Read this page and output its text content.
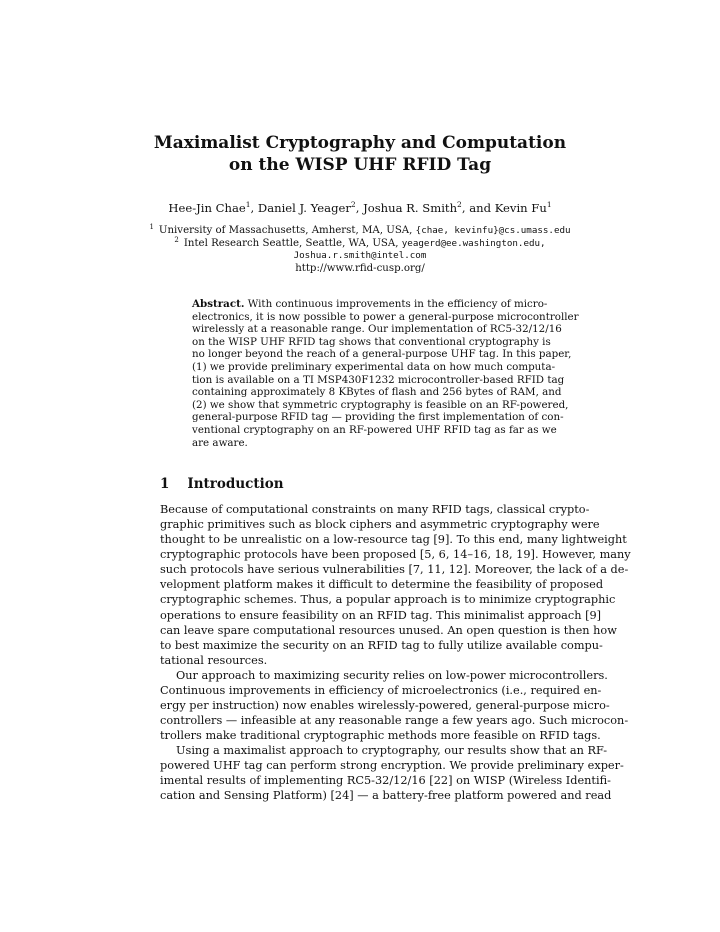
Maximalist Cryptography and Computation
on the WISP UHF RFID Tag
Hee-Jin Chae$^1$, Daniel J. Yeager$^2$, Joshua R. Smith$^2$, and Kevin Fu$^1$
$^1$ University of Massachusetts, Amherst, MA, USA, {chae, kevinfu}@cs.umass.edu
$^2$ Intel Research Seattle, Seattle, WA, USA, yeagerd@ee.washington.edu,
Joshua.r.smith@intel.com
http://www.rfid-cusp.org/
Abstract. With continuous improvements in the efficiency of micro-
electronics, it is now possible to power a general-purpose microcontroller
wirelessly at a reasonable range. Our implementation of RC5-32/12/16
on the WISP UHF RFID tag shows that conventional cryptography is
no longer beyond the reach of a general-purpose UHF tag. In this paper,
(1) we provide preliminary experimental data on how much computa-
tion is available on a TI MSP430F1232 microcontroller-based RFID tag
containing approximately 8 KBytes of flash and 256 bytes of RAM, and
(2) we show that symmetric cryptography is feasible on an RF-powered,
general-purpose RFID tag — providing the first implementation of con-
ventional cryptography on an RF-powered UHF RFID tag as far as we
are aware.
1 Introduction
Because of computational constraints on many RFID tags, classical crypto-
graphic primitives such as block ciphers and asymmetric cryptography were
thought to be unrealistic on a low-resource tag [9]. To this end, many lightweight
cryptographic protocols have been proposed [5, 6, 14–16, 18, 19]. However, many
such protocols have serious vulnerabilities [7, 11, 12]. Moreover, the lack of a de-
velopment platform makes it difficult to determine the feasibility of proposed
cryptographic schemes. Thus, a popular approach is to minimize cryptographic
operations to ensure feasibility on an RFID tag. This minimalist approach [9]
can leave spare computational resources unused. An open question is then how
to best maximize the security on an RFID tag to fully utilize available compu-
tational resources.
Our approach to maximizing security relies on low-power microcontrollers.
Continuous improvements in efficiency of microelectronics (i.e., required en-
ergy per instruction) now enables wirelessly-powered, general-purpose micro-
controllers — infeasible at any reasonable range a few years ago. Such microcon-
trollers make traditional cryptographic methods more feasible on RFID tags.
Using a maximalist approach to cryptography, our results show that an RF-
powered UHF tag can perform strong encryption. We provide preliminary exper-
imental results of implementing RC5-32/12/16 [22] on WISP (Wireless Identifi-
cation and Sensing Platform) [24] — a battery-free platform powered and read
